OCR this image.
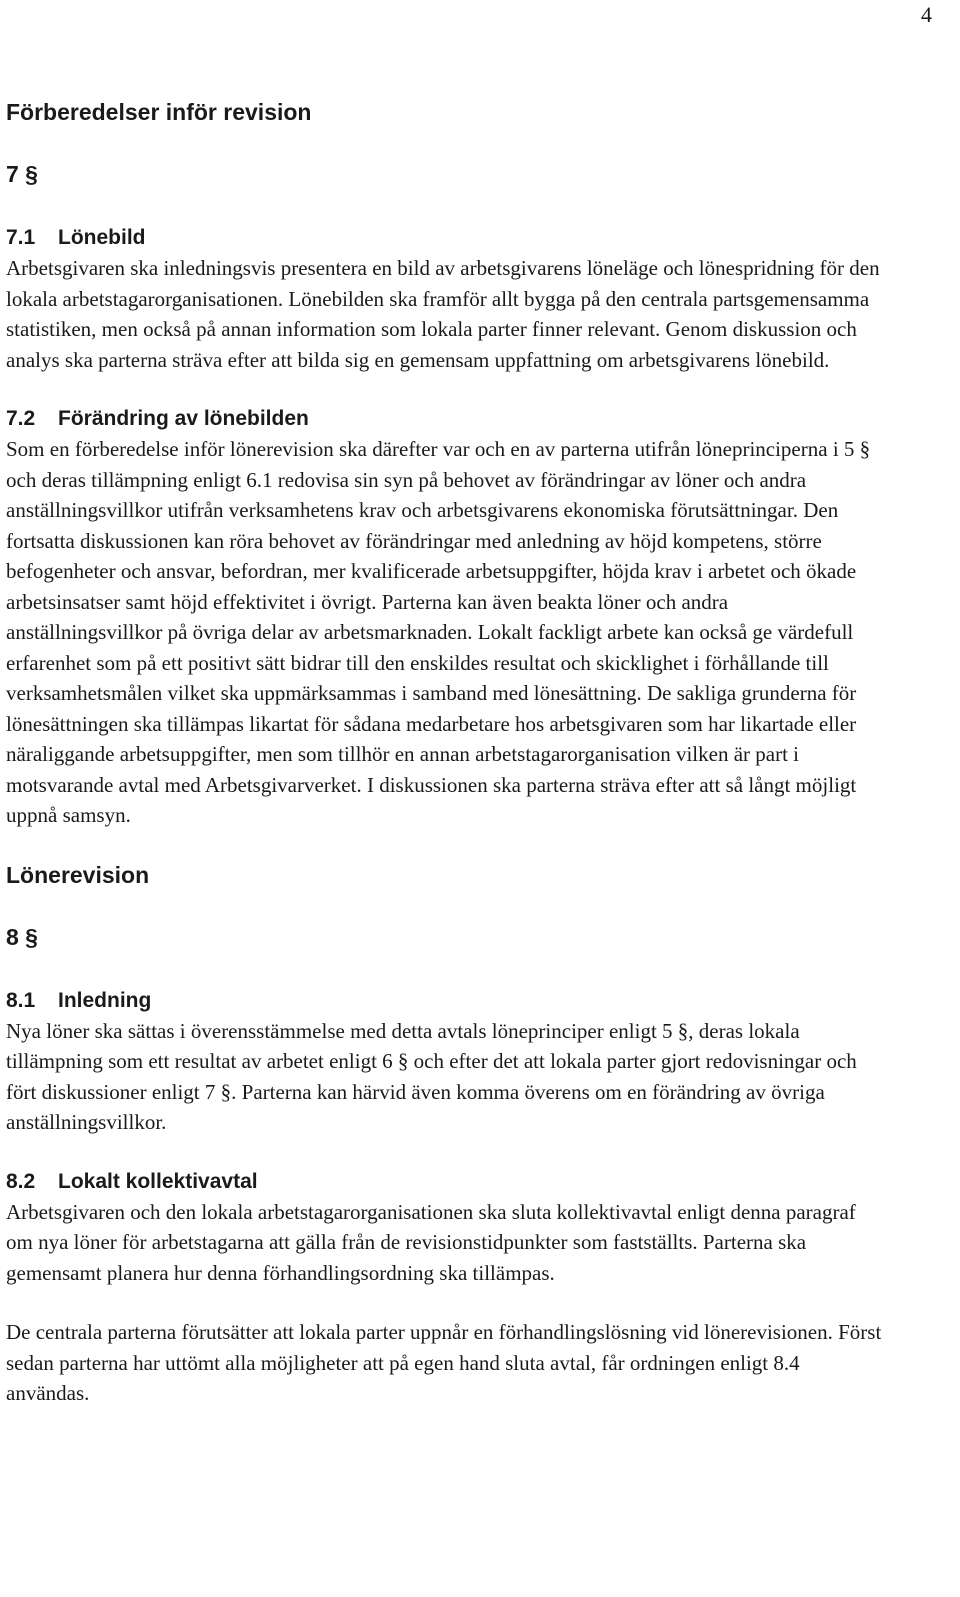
4
Förberedelser inför revision

7 §

7.1 Lönebild

Arbetsgivaren ska inledningsvis presentera en bild av arbetsgivarens löneläge och lönespridning för den lokala arbetstagarorganisationen. Lönebilden ska framför allt bygga på den centrala partsgemensamma statistiken, men också på annan information som lokala parter finner relevant. Genom diskussion och analys ska parterna sträva efter att bilda sig en gemensam uppfattning om arbetsgivarens lönebild.

7.2 Förändring av lönebilden

Som en förberedelse inför lönerevision ska därefter var och en av parterna utifrån löneprinciperna i 5 § och deras tillämpning enligt 6.1 redovisa sin syn på behovet av förändringar av löner och andra anställningsvillkor utifrån verksamhetens krav och arbetsgivarens ekonomiska förutsättningar. Den fortsatta diskussionen kan röra behovet av förändringar med anledning av höjd kompetens, större befogenheter och ansvar, befordran, mer kvalificerade arbetsuppgifter, höjda krav i arbetet och ökade arbetsinsatser samt höjd effektivitet i övrigt. Parterna kan även beakta löner och andra anställningsvillkor på övriga delar av arbetsmarknaden. Lokalt fackligt arbete kan också ge värdefull erfarenhet som på ett positivt sätt bidrar till den enskildes resultat och skicklighet i förhållande till verksamhetsmålen vilket ska uppmärksammas i samband med lönesättning. De sakliga grunderna för lönesättningen ska tillämpas likartat för sådana medarbetare hos arbetsgivaren som har likartade eller näraliggande arbetsuppgifter, men som tillhör en annan arbetstagarorganisation vilken är part i motsvarande avtal med Arbetsgivarverket. I diskussionen ska parterna sträva efter att så långt möjligt uppnå samsyn.

Lönerevision

8 §

8.1 Inledning

Nya löner ska sättas i överensstämmelse med detta avtals löneprinciper enligt 5 §, deras lokala tillämpning som ett resultat av arbetet enligt 6 § och efter det att lokala parter gjort redovisningar och fört diskussioner enligt 7 §. Parterna kan härvid även komma överens om en förändring av övriga anställningsvillkor.

8.2 Lokalt kollektivavtal

Arbetsgivaren och den lokala arbetstagarorganisationen ska sluta kollektivavtal enligt denna paragraf om nya löner för arbetstagarna att gälla från de revisionstidpunkter som fastställts. Parterna ska gemensamt planera hur denna förhandlingsordning ska tillämpas.

De centrala parterna förutsätter att lokala parter uppnår en förhandlingslösning vid lönerevisionen. Först sedan parterna har uttömt alla möjligheter att på egen hand sluta avtal, får ordningen enligt 8.4 användas.
